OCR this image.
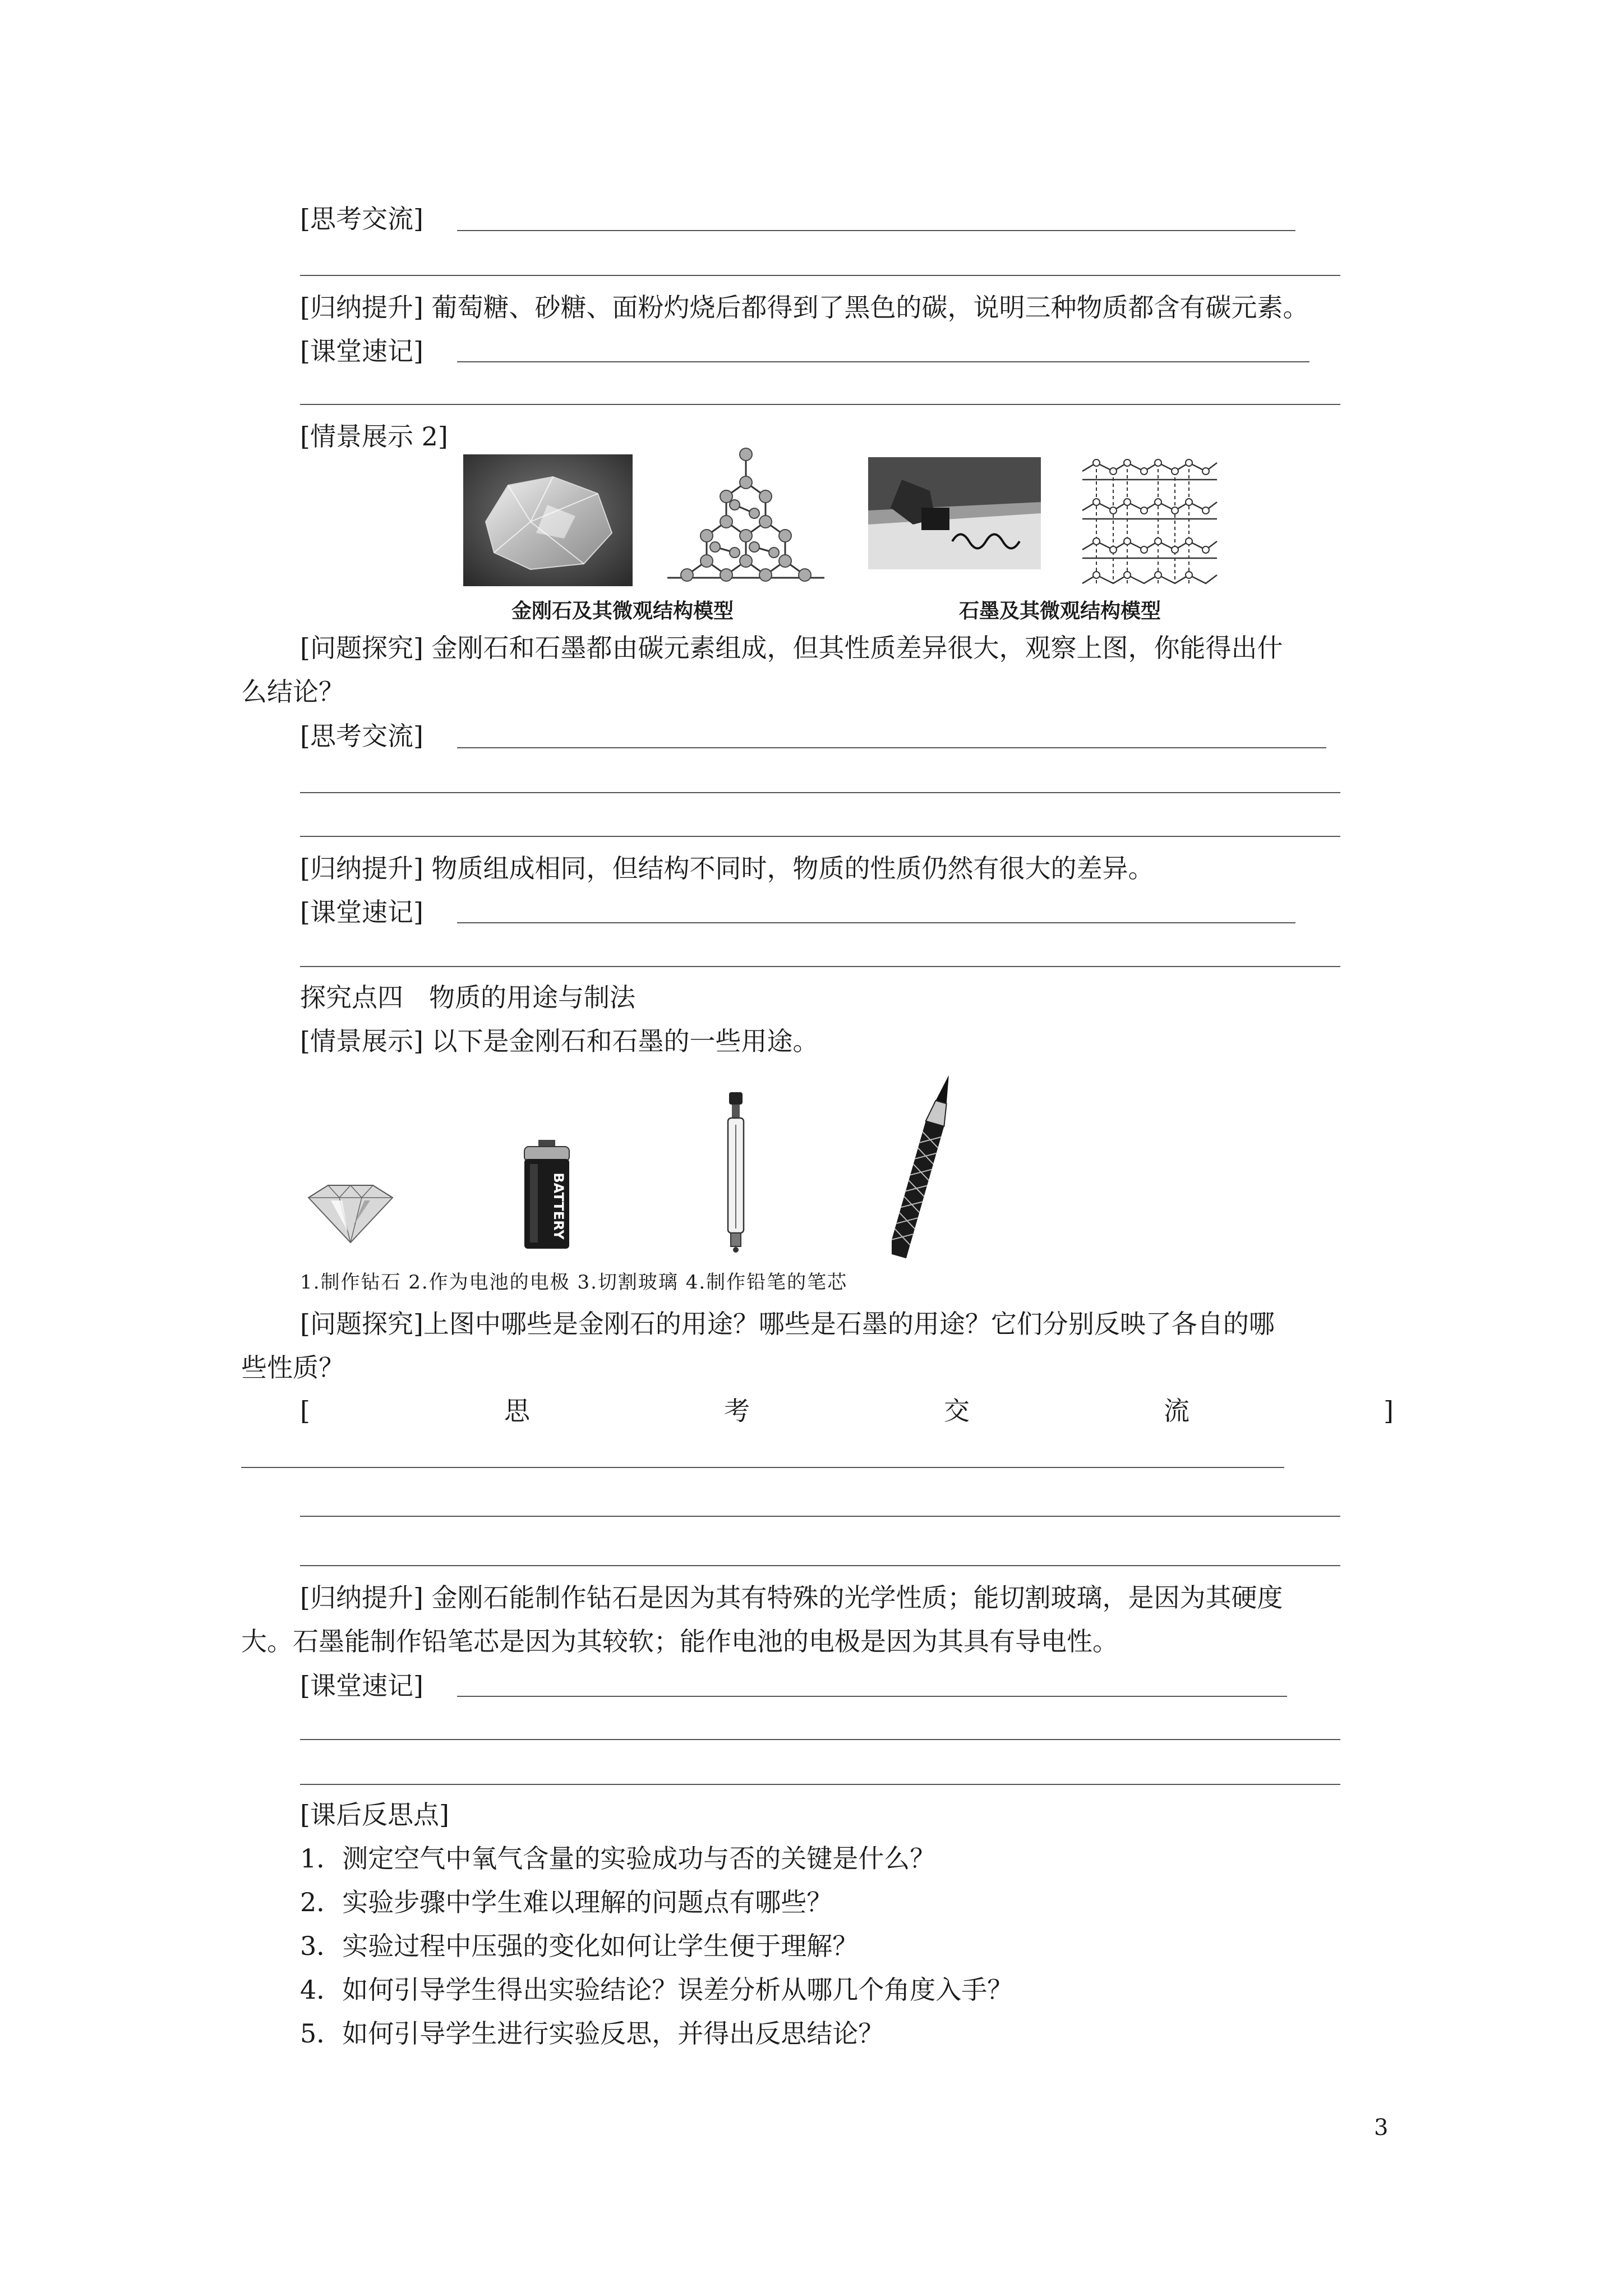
[思考交流]
[归纳提升] 葡萄糖、砂糖、面粉灼烧后都得到了黑色的碳，说明三种物质都含有碳元素。
[课堂速记]
[情景展示 2]
金刚石及其微观结构模型	石墨及其微观结构模型
[问题探究] 金刚石和石墨都由碳元素组成，但其性质差异很大，观察上图，你能得出什
么结论？
[思考交流]
[归纳提升] 物质组成相同，但结构不同时，物质的性质仍然有很大的差异。
[课堂速记]
探究点四　物质的用途与制法
[情景展示] 以下是金刚石和石墨的一些用途。
BATTERY
1.制作钻石 2.作为电池的电极 3.切割玻璃 4.制作铅笔的笔芯
[问题探究]上图中哪些是金刚石的用途？哪些是石墨的用途？它们分别反映了各自的哪
些性质？
[	思	考	交	流	]
[归纳提升] 金刚石能制作钻石是因为其有特殊的光学性质；能切割玻璃，是因为其硬度
大。石墨能制作铅笔芯是因为其较软；能作电池的电极是因为其具有导电性。
[课堂速记]
[课后反思点]
1．测定空气中氧气含量的实验成功与否的关键是什么？
2．实验步骤中学生难以理解的问题点有哪些？
3．实验过程中压强的变化如何让学生便于理解？
4．如何引导学生得出实验结论？误差分析从哪几个角度入手？
5．如何引导学生进行实验反思，并得出反思结论？
3
